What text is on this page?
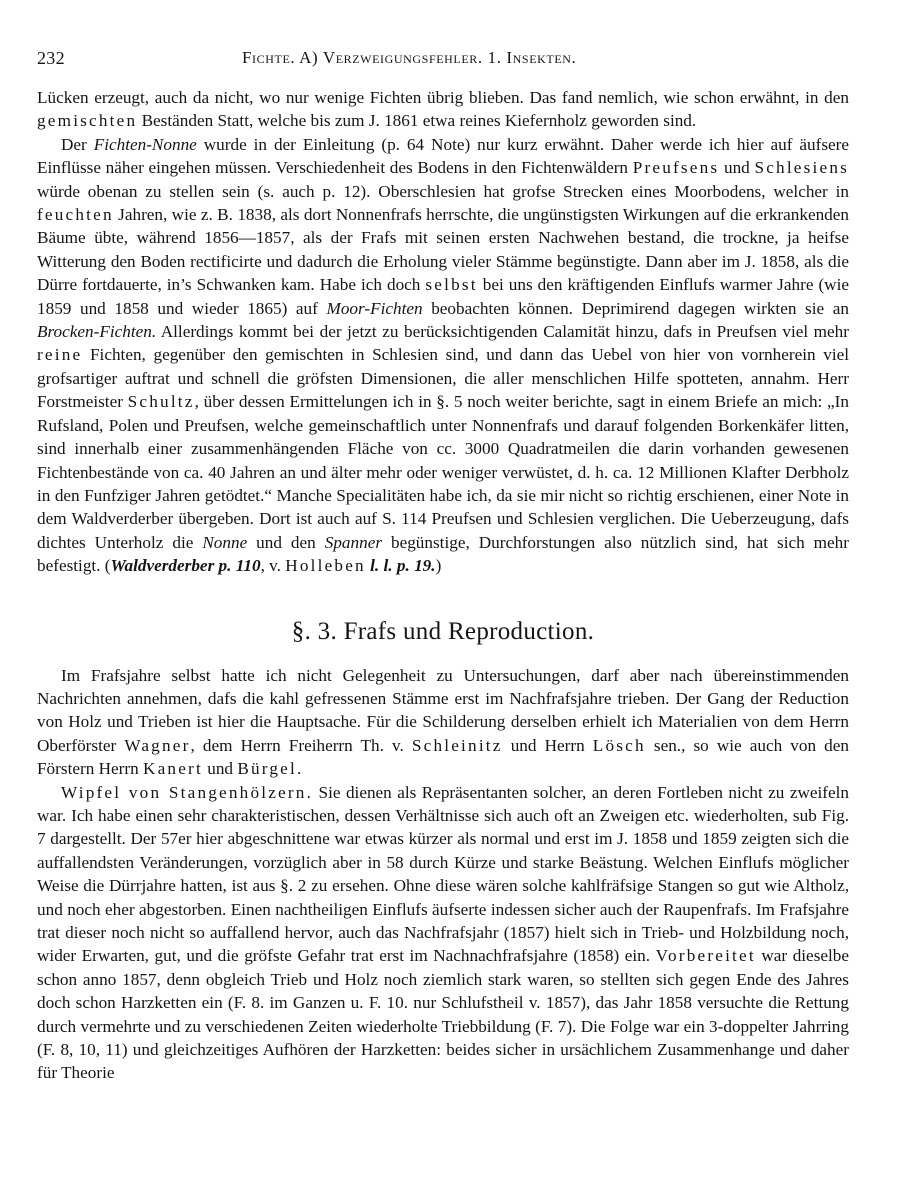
232	Fichte. A) Verzweigungsfehler. 1. Insekten.

Lücken erzeugt, auch da nicht, wo nur wenige Fichten übrig blieben. Das fand nemlich, wie schon erwähnt, in den gemischten Beständen Statt, welche bis zum J. 1861 etwa reines Kiefernholz geworden sind.

Der Fichten-Nonne wurde in der Einleitung (p. 64 Note) nur kurz erwähnt. Daher werde ich hier auf äufsere Einflüsse näher eingehen müssen. Verschiedenheit des Bodens in den Fichtenwäldern Preufsens und Schlesiens würde obenan zu stellen sein (s. auch p. 12). Oberschlesien hat grofse Strecken eines Moorbodens, welcher in feuchten Jahren, wie z. B. 1838, als dort Nonnenfrafs herrschte, die ungünstigsten Wirkungen auf die erkrankenden Bäume übte, während 1856—1857, als der Frafs mit seinen ersten Nachwehen bestand, die trockne, ja heifse Witterung den Boden rectificirte und dadurch die Erholung vieler Stämme begünstigte. Dann aber im J. 1858, als die Dürre fortdauerte, in’s Schwanken kam. Habe ich doch selbst bei uns den kräftigenden Einflufs warmer Jahre (wie 1859 und 1858 und wieder 1865) auf Moor-Fichten beobachten können. Deprimirend dagegen wirkten sie an Brocken-Fichten. Allerdings kommt bei der jetzt zu berücksichtigenden Calamität hinzu, dafs in Preufsen viel mehr reine Fichten, gegenüber den gemischten in Schlesien sind, und dann das Uebel von hier von vornherein viel grofsartiger auftrat und schnell die gröfsten Dimensionen, die aller menschlichen Hilfe spotteten, annahm. Herr Forstmeister Schultz, über dessen Ermittelungen ich in §. 5 noch weiter berichte, sagt in einem Briefe an mich: „In Rufsland, Polen und Preufsen, welche gemeinschaftlich unter Nonnenfrafs und darauf folgenden Borkenkäfer litten, sind innerhalb einer zusammenhängenden Fläche von cc. 3000 Quadratmeilen die darin vorhanden gewesenen Fichtenbestände von ca. 40 Jahren an und älter mehr oder weniger verwüstet, d. h. ca. 12 Millionen Klafter Derbholz in den Funfziger Jahren getödtet.“ Manche Specialitäten habe ich, da sie mir nicht so richtig erschienen, einer Note in dem Waldverderber übergeben. Dort ist auch auf S. 114 Preufsen und Schlesien verglichen. Die Ueberzeugung, dafs dichtes Unterholz die Nonne und den Spanner begünstige, Durchforstungen also nützlich sind, hat sich mehr befestigt. (Waldverderber p. 110, v. Holleben l. l. p. 19.)

§. 3. Frafs und Reproduction.

Im Frafsjahre selbst hatte ich nicht Gelegenheit zu Untersuchungen, darf aber nach übereinstimmenden Nachrichten annehmen, dafs die kahl gefressenen Stämme erst im Nachfrafsjahre trieben. Der Gang der Reduction von Holz und Trieben ist hier die Hauptsache. Für die Schilderung derselben erhielt ich Materialien von dem Herrn Oberförster Wagner, dem Herrn Freiherrn Th. v. Schleinitz und Herrn Lösch sen., so wie auch von den Förstern Herrn Kanert und Bürgel.

Wipfel von Stangenhölzern. Sie dienen als Repräsentanten solcher, an deren Fortleben nicht zu zweifeln war. Ich habe einen sehr charakteristischen, dessen Verhältnisse sich auch oft an Zweigen etc. wiederholten, sub Fig. 7 dargestellt. Der 57er hier abgeschnittene war etwas kürzer als normal und erst im J. 1858 und 1859 zeigten sich die auffallendsten Veränderungen, vorzüglich aber in 58 durch Kürze und starke Beästung. Welchen Einflufs möglicher Weise die Dürrjahre hatten, ist aus §. 2 zu ersehen. Ohne diese wären solche kahlfräfsige Stangen so gut wie Altholz, und noch eher abgestorben. Einen nachtheiligen Einflufs äufserte indessen sicher auch der Raupenfrafs. Im Frafsjahre trat dieser noch nicht so auffallend hervor, auch das Nachfrafsjahr (1857) hielt sich in Trieb- und Holzbildung noch, wider Erwarten, gut, und die gröfste Gefahr trat erst im Nachnachfrafsjahre (1858) ein. Vorbereitet war dieselbe schon anno 1857, denn obgleich Trieb und Holz noch ziemlich stark waren, so stellten sich gegen Ende des Jahres doch schon Harzketten ein (F. 8. im Ganzen u. F. 10. nur Schlufstheil v. 1857), das Jahr 1858 versuchte die Rettung durch vermehrte und zu verschiedenen Zeiten wiederholte Triebbildung (F. 7). Die Folge war ein 3-doppelter Jahrring (F. 8, 10, 11) und gleichzeitiges Aufhören der Harzketten: beides sicher in ursächlichem Zusammenhange und daher für Theorie
